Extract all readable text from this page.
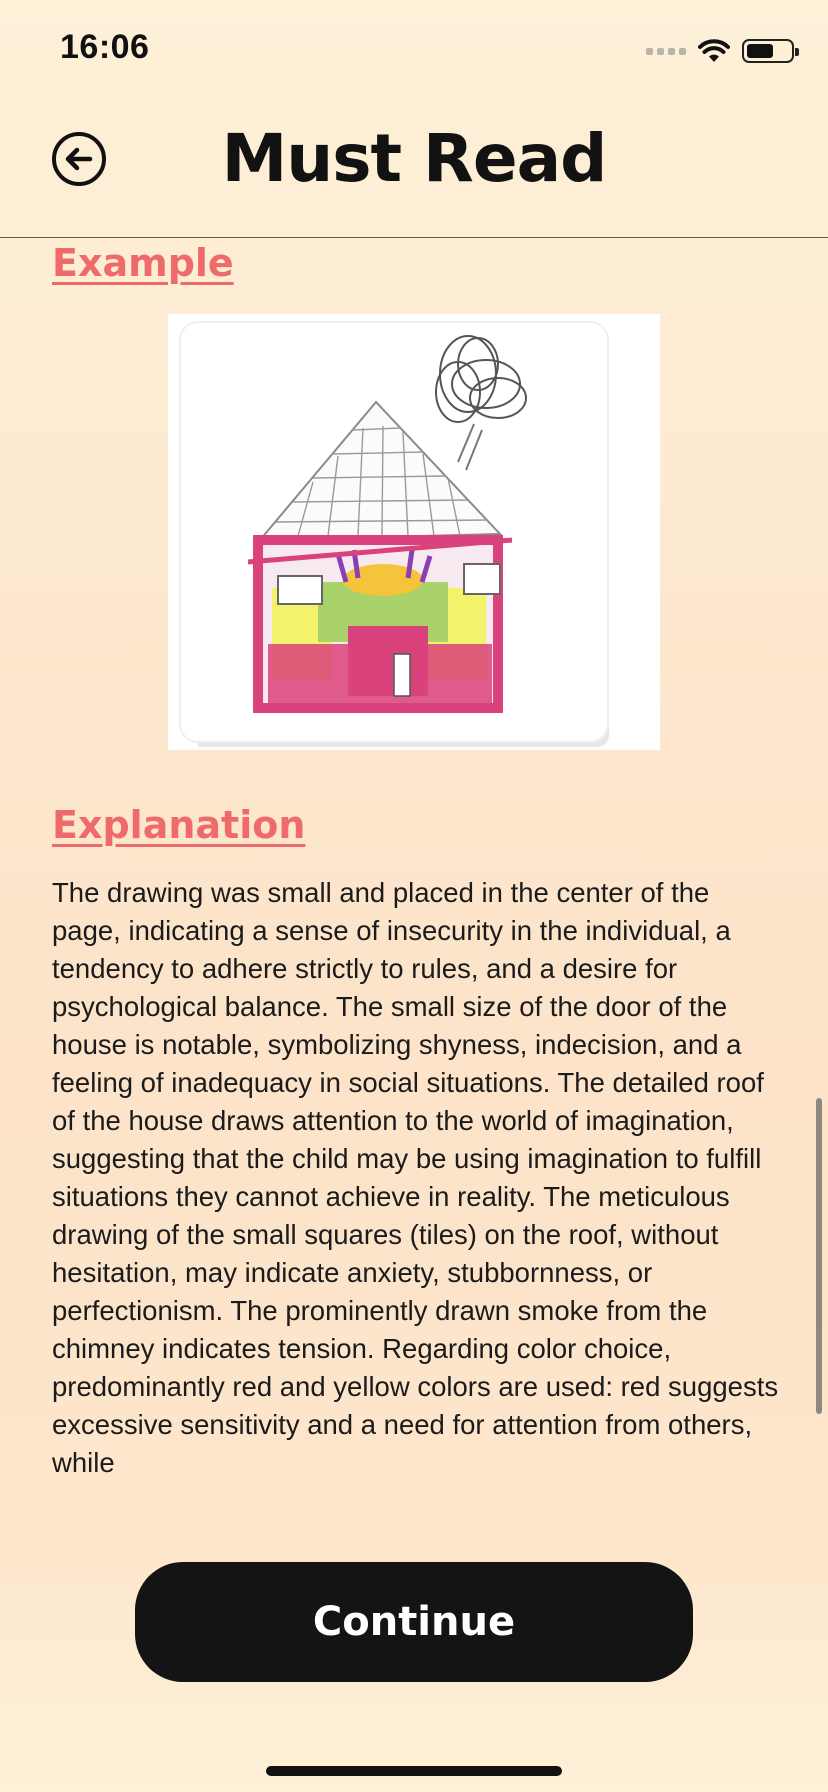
16:06
Must Read
Example
Explanation

The drawing was small and placed in the center of the page, indicating a sense of insecurity in the individual, a tendency to adhere strictly to rules, and a desire for psychological balance. The small size of the door of the house is notable, symbolizing shyness, indecision, and a feeling of inadequacy in social situations. The detailed roof of the house draws attention to the world of imagination, suggesting that the child may be using imagination to fulfill situations they cannot achieve in reality. The meticulous drawing of the small squares (tiles) on the roof, without hesitation, may indicate anxiety, stubbornness, or perfectionism. The prominently drawn smoke from the chimney indicates tension. Regarding color choice, predominantly red and yellow colors are used: red suggests excessive sensitivity and a need for attention from others, while

Continue
